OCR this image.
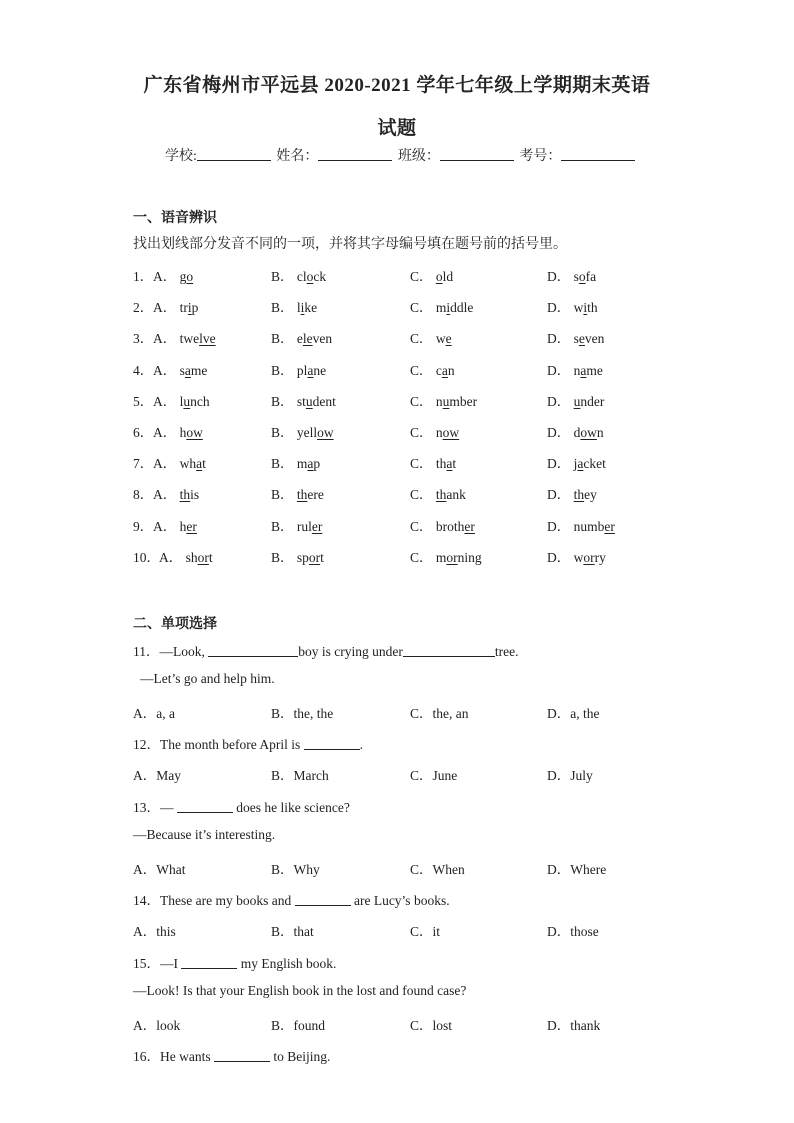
广东省梅州市平远县 2020-2021 学年七年级上学期期末英语
试题
学校:	姓名：	班级：	考号：
一、语音辨识
找出划线部分发音不同的一项，并将其字母编号填在题号前的括号里。
1． A． go	B． clock	C． old	D． sofa
2． A． trip	B． like	C． middle	D． with
3． A． twelve	B． eleven	C． we	D． seven
4． A． same	B． plane	C． can	D． name
5． A． lunch	B． student	C． number	D． under
6． A． how	B． yellow	C． now	D． down
7． A． what	B． map	C． that	D． jacket
8． A． this	B． there	C． thank	D． they
9． A． her	B． ruler	C． brother	D． number
10． A． short	B． sport	C． morning	D． worry
二、单项选择
11．—Look,	boy is crying under	tree.
—Let’s go and help him.
A．a, a	B．the, the	C．the, an	D．a, the
12．The month before April is	.
A．May	B．March	C．June	D．July
13．—	does he like science?
—Because it’s interesting.
A．What	B．Why	C．When	D．Where
14．These are my books and	are Lucy’s books.
A．this	B．that	C．it	D．those
15．—I	my English book.
—Look! Is that your English book in the lost and found case?
A．look	B．found	C．lost	D．thank
16．He wants	to Beijing.
